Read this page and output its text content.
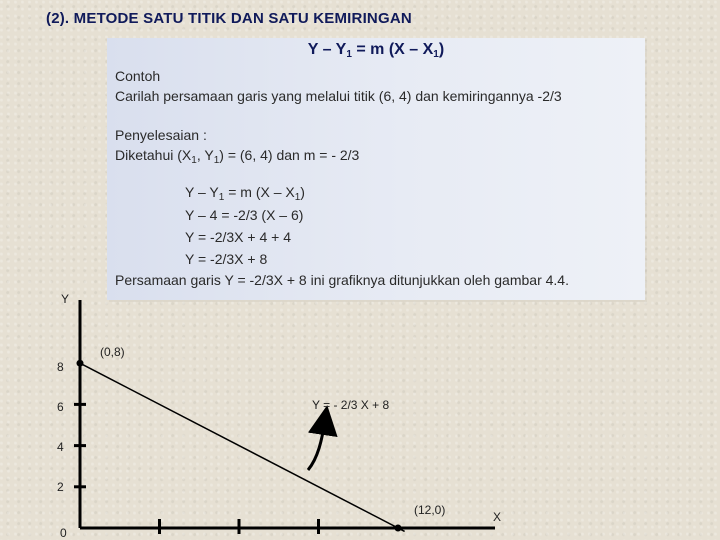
(2). METODE SATU TITIK DAN SATU KEMIRINGAN
$Y - Y_1 = m$ $(X - X_1)$
Contoh
Carilah persamaan garis yang melalui titik (6, 4) dan kemiringannya -2/3
Penyelesaian :
Diketahui ($X_1$, $Y_1) = (6$, 4) dan m = - 2/3
$Y - Y_1 = m$ $(X - X_1)$
Y – 4 = -2/3 (X – 6)
Y = -2/3X + 4 + 4
Y = -2/3X + 8
Persamaan garis Y = -2/3X + 8 ini grafiknya ditunjukkan oleh gambar 4.4.
Y
X
0
8
6
4
2
(0,8)
(12,0)
Y = - 2/3 X + 8
